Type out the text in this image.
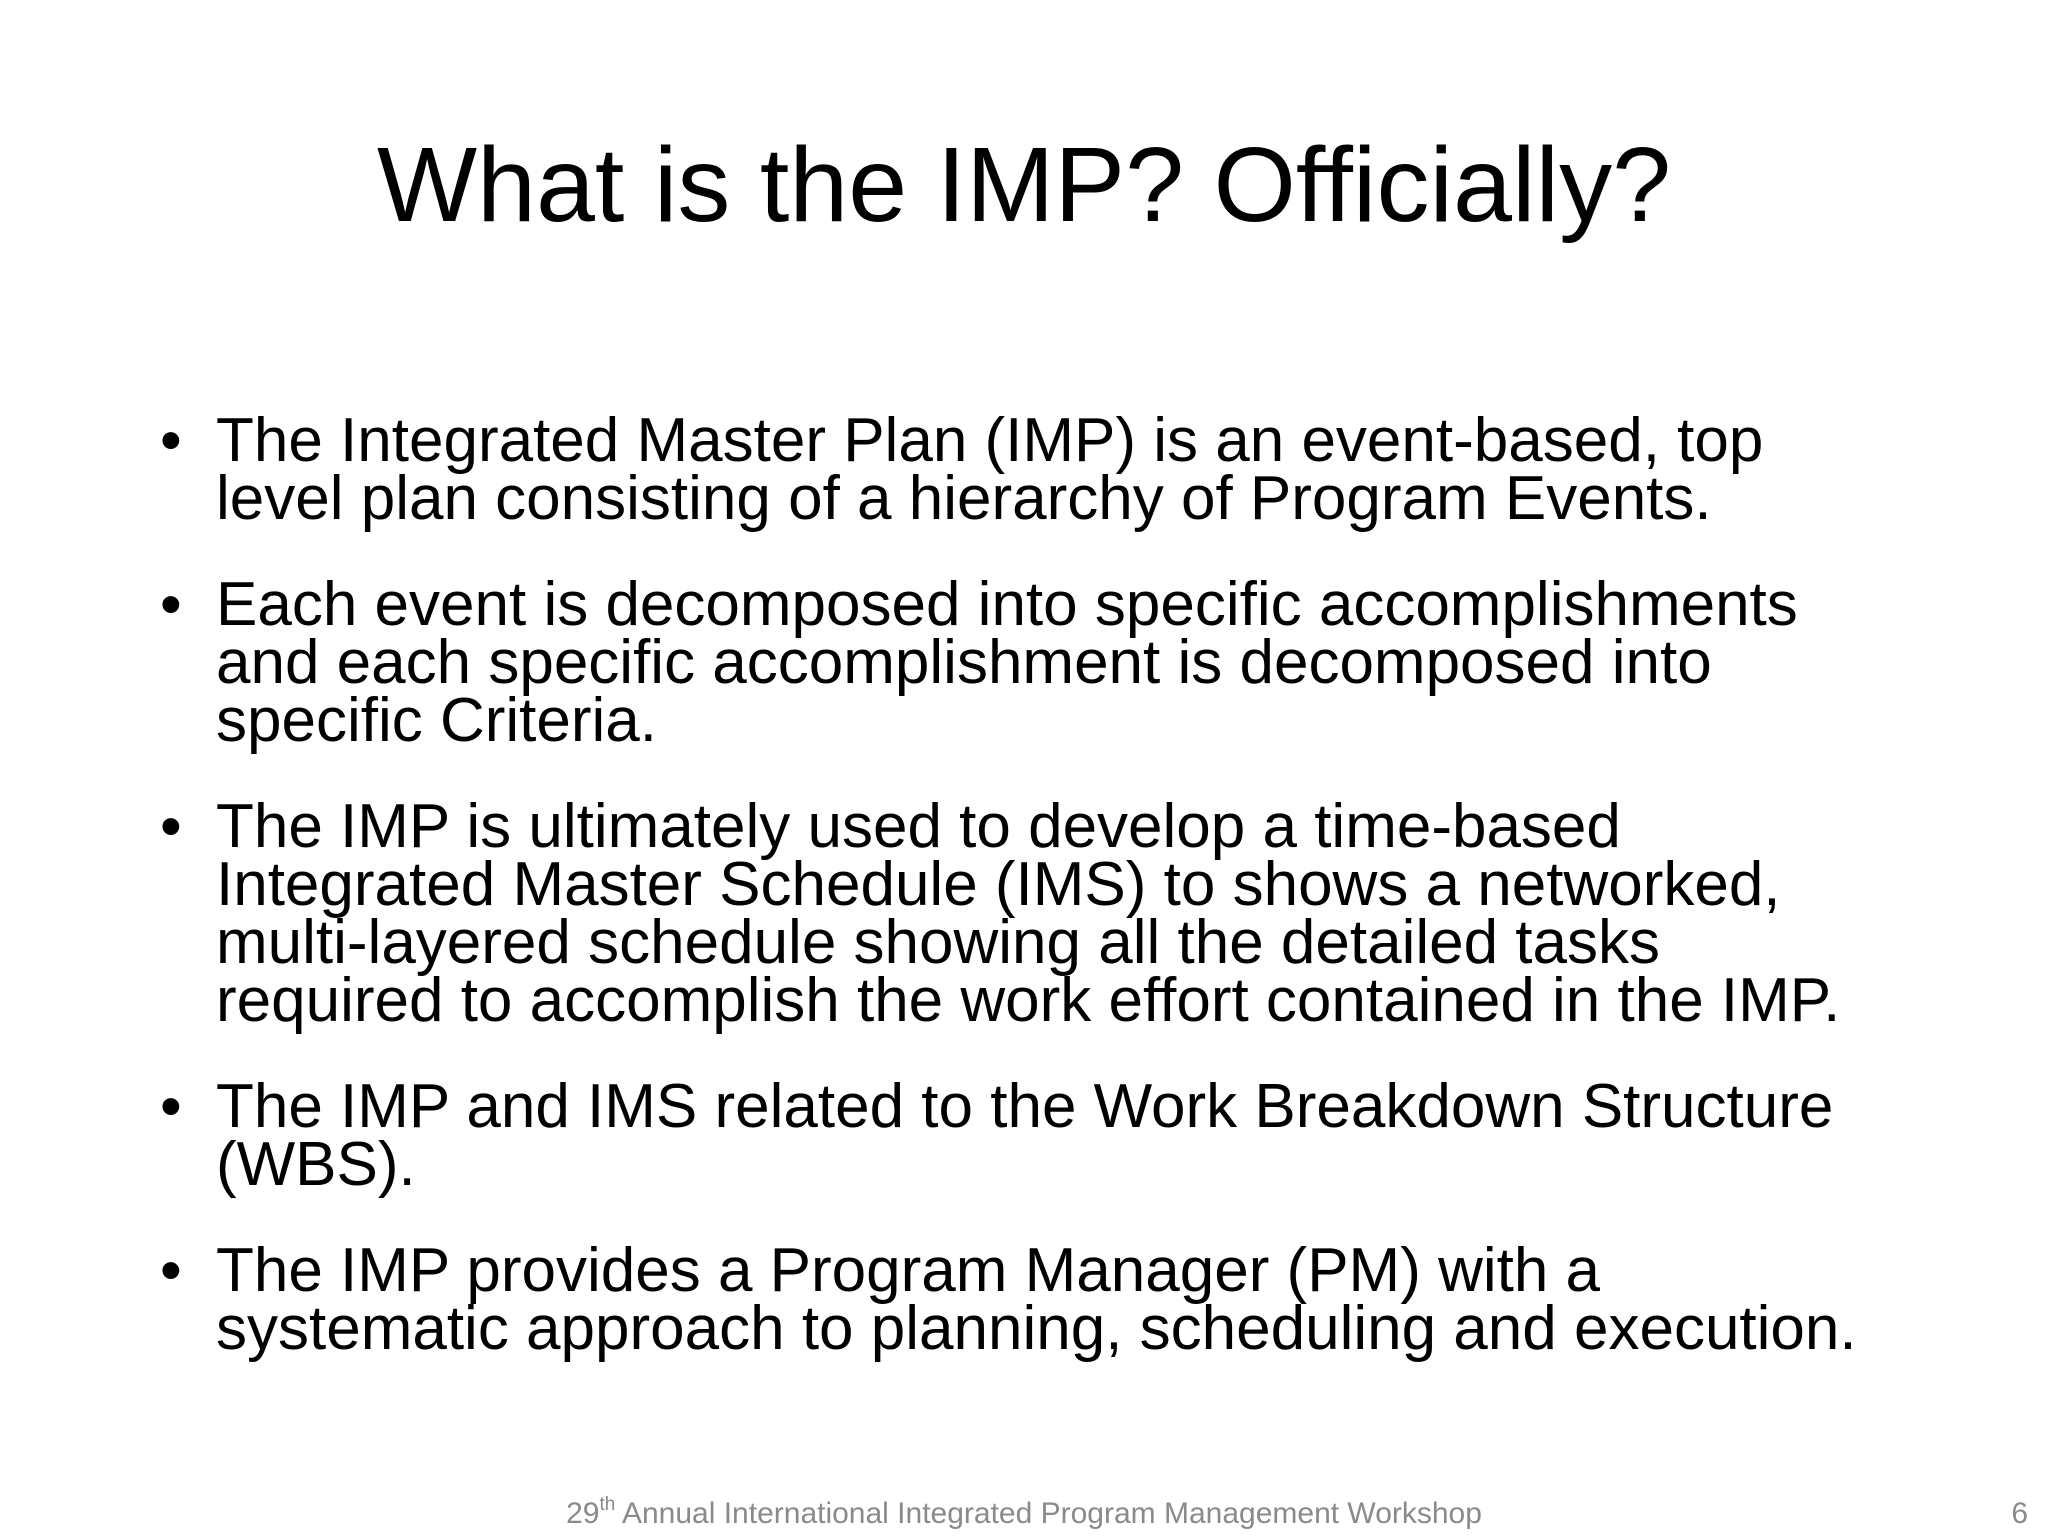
What is the IMP? Officially?
• The Integrated Master Plan (IMP) is an event-based, top level plan consisting of a hierarchy of Program Events.
• Each event is decomposed into specific accomplishments and each specific accomplishment is decomposed into specific Criteria.
• The IMP is ultimately used to develop a time-based Integrated Master Schedule (IMS) to shows a networked, multi-layered schedule showing all the detailed tasks required to accomplish the work effort contained in the IMP.
• The IMP and IMS related to the Work Breakdown Structure (WBS).
• The IMP provides a Program Manager (PM) with a systematic approach to planning, scheduling and execution.
29th Annual International Integrated Program Management Workshop	6
